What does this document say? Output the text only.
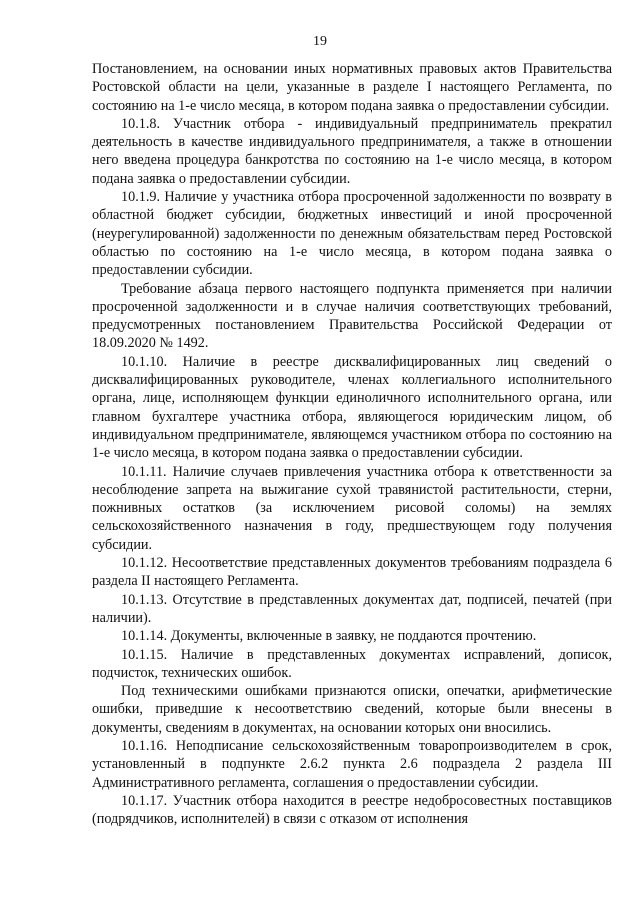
19

Постановлением, на основании иных нормативных правовых актов Правительства Ростовской области на цели, указанные в разделе I настоящего Регламента, по состоянию на 1-е число месяца, в котором подана заявка о предоставлении субсидии.

10.1.8. Участник отбора - индивидуальный предприниматель прекратил деятельность в качестве индивидуального предпринимателя, а также в отношении него введена процедура банкротства по состоянию на 1-е число месяца, в котором подана заявка о предоставлении субсидии.

10.1.9. Наличие у участника отбора просроченной задолженности по возврату в областной бюджет субсидии, бюджетных инвестиций и иной просроченной (неурегулированной) задолженности по денежным обязательствам перед Ростовской областью по состоянию на 1-е число месяца, в котором подана заявка о предоставлении субсидии.

Требование абзаца первого настоящего подпункта применяется при наличии просроченной задолженности и в случае наличия соответствующих требований, предусмотренных постановлением Правительства Российской Федерации от 18.09.2020 № 1492.

10.1.10. Наличие в реестре дисквалифицированных лиц сведений о дисквалифицированных руководителе, членах коллегиального исполнительного органа, лице, исполняющем функции единоличного исполнительного органа, или главном бухгалтере участника отбора, являющегося юридическим лицом, об индивидуальном предпринимателе, являющемся участником отбора по состоянию на 1-е число месяца, в котором подана заявка о предоставлении субсидии.

10.1.11. Наличие случаев привлечения участника отбора к ответственности за несоблюдение запрета на выжигание сухой травянистой растительности, стерни, пожнивных остатков (за исключением рисовой соломы) на землях сельскохозяйственного назначения в году, предшествующем году получения субсидии.

10.1.12. Несоответствие представленных документов требованиям подраздела 6 раздела II настоящего Регламента.

10.1.13. Отсутствие в представленных документах дат, подписей, печатей (при наличии).

10.1.14. Документы, включенные в заявку, не поддаются прочтению.

10.1.15. Наличие в представленных документах исправлений, дописок, подчисток, технических ошибок.

Под техническими ошибками признаются описки, опечатки, арифметические ошибки, приведшие к несоответствию сведений, которые были внесены в документы, сведениям в документах, на основании которых они вносились.

10.1.16. Неподписание сельскохозяйственным товаропроизводителем в срок, установленный в подпункте 2.6.2 пункта 2.6 подраздела 2 раздела III Административного регламента, соглашения о предоставлении субсидии.

10.1.17. Участник отбора находится в реестре недобросовестных поставщиков (подрядчиков, исполнителей) в связи с отказом от исполнения
